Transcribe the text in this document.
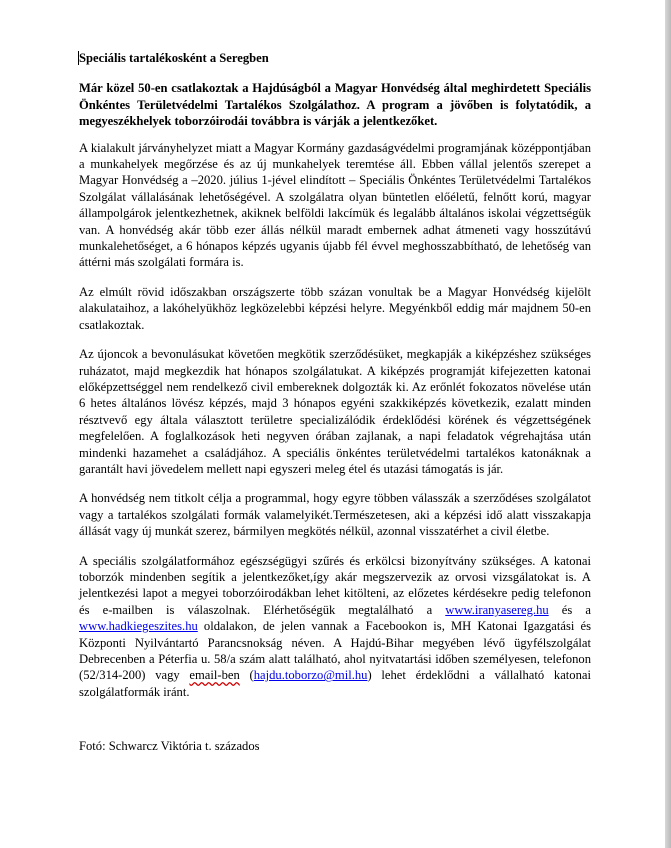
Speciális tartalékosként a Seregben

Már közel 50-en csatlakoztak a Hajdúságból a Magyar Honvédség által meghirdetett Speciális Önkéntes Területvédelmi Tartalékos Szolgálathoz. A program a jövőben is folytatódik, a megyeszékhelyek toborzóirodái továbbra is várják a jelentkezőket.

A kialakult járványhelyzet miatt a Magyar Kormány gazdaságvédelmi programjának középpontjában a munkahelyek megőrzése és az új munkahelyek teremtése áll. Ebben vállal jelentős szerepet a Magyar Honvédség a –2020. július 1-jével elindított – Speciális Önkéntes Területvédelmi Tartalékos Szolgálat vállalásának lehetőségével. A szolgálatra olyan büntetlen előéletű, felnőtt korú, magyar állampolgárok jelentkezhetnek, akiknek belföldi lakcímük és legalább általános iskolai végzettségük van. A honvédség akár több ezer állás nélkül maradt embernek adhat átmeneti vagy hosszútávú munkalehetőséget, a 6 hónapos képzés ugyanis újabb fél évvel meghosszabbítható, de lehetőség van áttérni más szolgálati formára is.

Az elmúlt rövid időszakban országszerte több százan vonultak be a Magyar Honvédség kijelölt alakulataihoz, a lakóhelyükhöz legközelebbi képzési helyre. Megyénkből eddig már majdnem 50-en csatlakoztak.

Az újoncok a bevonulásukat követően megkötik szerződésüket, megkapják a kiképzéshez szükséges ruházatot, majd megkezdik hat hónapos szolgálatukat. A kiképzés programját kifejezetten katonai előképzettséggel nem rendelkező civil embereknek dolgozták ki. Az erőnlét fokozatos növelése után 6 hetes általános lövész képzés, majd 3 hónapos egyéni szakkiképzés következik, ezalatt minden résztvevő egy általa választott területre specializálódik érdeklődési körének és végzettségének megfelelően. A foglalkozások heti negyven órában zajlanak, a napi feladatok végrehajtása után mindenki hazamehet a családjához. A speciális önkéntes területvédelmi tartalékos katonáknak a garantált havi jövedelem mellett napi egyszeri meleg étel és utazási támogatás is jár.

A honvédség nem titkolt célja a programmal, hogy egyre többen válasszák a szerződéses szolgálatot vagy a tartalékos szolgálati formák valamelyikét.Természetesen, aki a képzési idő alatt visszakapja állását vagy új munkát szerez, bármilyen megkötés nélkül, azonnal visszatérhet a civil életbe.

A speciális szolgálatformához egészségügyi szűrés és erkölcsi bizonyítvány szükséges. A katonai toborzók mindenben segítik a jelentkezőket,így akár megszervezik az orvosi vizsgálatokat is. A jelentkezési lapot a megyei toborzóirodákban lehet kitölteni, az előzetes kérdésekre pedig telefonon és e-mailben is válaszolnak. Elérhetőségük megtalálható a www.iranyasereg.hu és a www.hadkiegeszites.hu oldalakon, de jelen vannak a Facebookon is, MH Katonai Igazgatási és Központi Nyilvántartó Parancsnokság néven. A Hajdú-Bihar megyében lévő ügyfélszolgálat Debrecenben a Péterfia u. 58/a szám alatt található, ahol nyitvatartási időben személyesen, telefonon (52/314-200) vagy email-ben (hajdu.toborzo@mil.hu) lehet érdeklődni a vállalható katonai szolgálatformák iránt.

Fotó: Schwarcz Viktória t. százados
